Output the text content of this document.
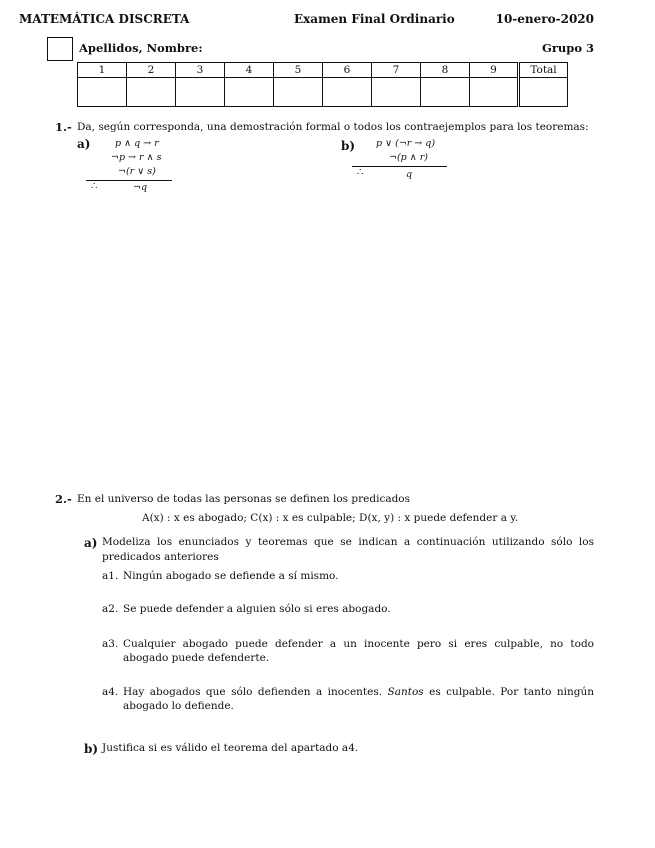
MATEMÁTICA DISCRETA	Examen Final Ordinario	10-enero-2020
Apellidos, Nombre:	Grupo 3
1	2	3	4	5	6	7	8	9	Total

1.- Da, según corresponda, una demostración formal o todos los contraejemplos para los teoremas:
a)	p ∧ q → r
¬p → r ∧ s
¬(r ∨ s)
∴	¬q
b) p ∨ (¬r → q)
¬(p ∧ r)
∴	q
2.- En el universo de todas las personas se definen los predicados
A(x) : x es abogado; C(x) : x es culpable; D(x, y) : x puede defender a y.
a) Modeliza los enunciados y teoremas que se indican a continuación utilizando sólo los predicados anteriores
a1. Ningún abogado se defiende a sí mismo.
a2. Se puede defender a alguien sólo si eres abogado.
a3. Cualquier abogado puede defender a un inocente pero si eres culpable, no todo abogado puede defenderte.
a4. Hay abogados que sólo defienden a inocentes. Santos es culpable. Por tanto ningún abogado lo defiende.
b) Justifica si es válido el teorema del apartado a4.
